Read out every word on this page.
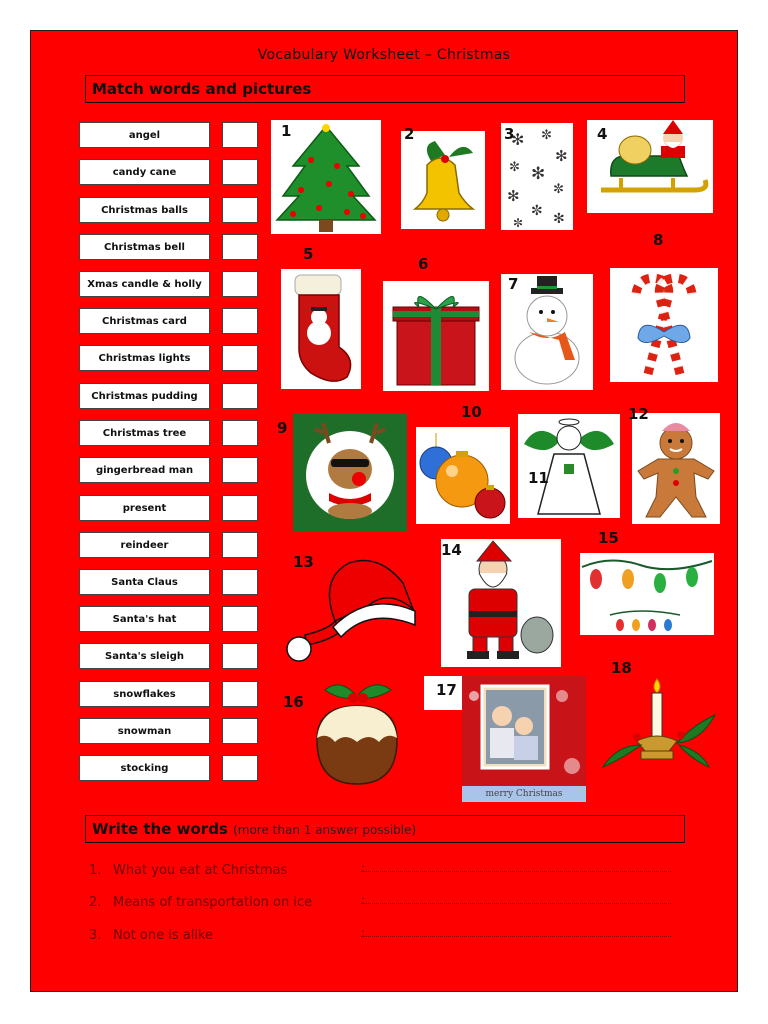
Vocabulary Worksheet – Christmas
Match words and pictures
angel
candy cane
Christmas balls
Christmas bell
Xmas candle & holly
Christmas card
Christmas lights
Christmas pudding
Christmas tree
gingerbread man
present
reindeer
Santa Claus
Santa's hat
Santa's sleigh
snowflakes
snowman
stocking
1	2	✻ ✼
✻
✼ ✻
✼
✻
✼ ✻
✼
3	4
5
6
7
8
9
10
11
12
13
14
15
16
17
merry Christmas
18
Write the words (more than 1 answer possible)
1. What you eat at Christmas	:
2. Means of transportation on ice	:
3. Not one is alike	:
